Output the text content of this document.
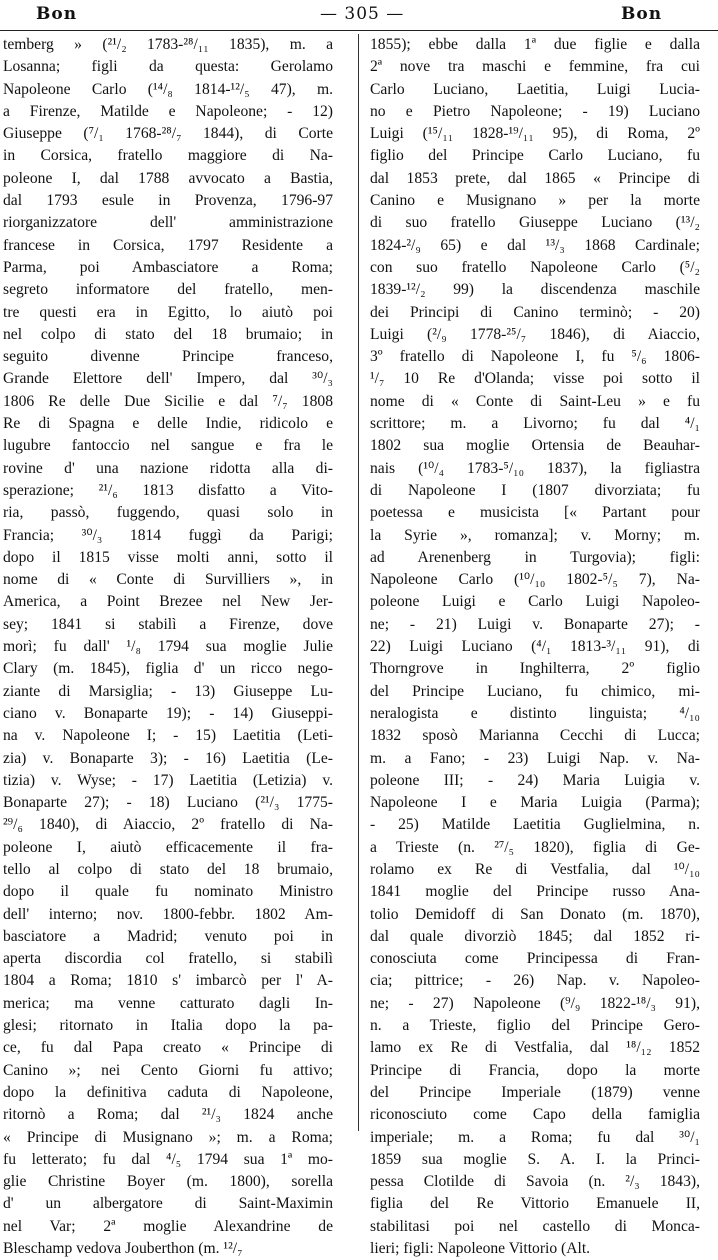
Bon	— 305 —	Bon
temberg » (²¹/₂ 1783-²⁸/₁₁ 1835), m. a
Losanna; figli da questa: Gerolamo
Napoleone Carlo (¹⁴/₈ 1814-¹²/₅ 47), m.
a Firenze, Matilde e Napoleone; - 12)
Giuseppe (⁷/₁ 1768-²⁸/₇ 1844), di Corte
in Corsica, fratello maggiore di Na-
poleone I, dal 1788 avvocato a Bastia,
dal 1793 esule in Provenza, 1796-97
riorganizzatore dell' amministrazione
francese in Corsica, 1797 Residente a
Parma, poi Ambasciatore a Roma;
segreto informatore del fratello, men-
tre questi era in Egitto, lo aiutò poi
nel colpo di stato del 18 brumaio; in
seguito divenne Principe franceso,
Grande Elettore dell' Impero, dal ³⁰/₃
1806 Re delle Due Sicilie e dal ⁷/₇ 1808
Re di Spagna e delle Indie, ridicolo e
lugubre fantoccio nel sangue e fra le
rovine d' una nazione ridotta alla di-
sperazione; ²¹/₆ 1813 disfatto a Vito-
ria, passò, fuggendo, quasi solo in
Francia; ³⁰/₃ 1814 fuggì da Parigi;
dopo il 1815 visse molti anni, sotto il
nome di « Conte di Survilliers », in
America, a Point Brezee nel New Jer-
sey; 1841 si stabilì a Firenze, dove
morì; fu dall' ¹/₈ 1794 sua moglie Julie
Clary (m. 1845), figlia d' un ricco nego-
ziante di Marsiglia; - 13) Giuseppe Lu-
ciano v. Bonaparte 19); - 14) Giuseppi-
na v. Napoleone I; - 15) Laetitia (Leti-
zia) v. Bonaparte 3); - 16) Laetitia (Le-
tizia) v. Wyse; - 17) Laetitia (Letizia) v.
Bonaparte 27); - 18) Luciano (²¹/₃ 1775-
²⁹/₆ 1840), di Aiaccio, 2º fratello di Na-
poleone I, aiutò efficacemente il fra-
tello al colpo di stato del 18 brumaio,
dopo il quale fu nominato Ministro
dell' interno; nov. 1800-febbr. 1802 Am-
basciatore a Madrid; venuto poi in
aperta discordia col fratello, si stabilì
1804 a Roma; 1810 s' imbarcò per l' A-
merica; ma venne catturato dagli In-
glesi; ritornato in Italia dopo la pa-
ce, fu dal Papa creato « Principe di
Canino »; nei Cento Giorni fu attivo;
dopo la definitiva caduta di Napoleone,
ritornò a Roma; dal ²¹/₃ 1824 anche
« Principe di Musignano »; m. a Roma;
fu letterato; fu dal ⁴/₅ 1794 sua 1ª mo-
glie Christine Boyer (m. 1800), sorella
d' un albergatore di Saint-Maximin
nel Var; 2ª moglie Alexandrine de
Bleschamp vedova Jouberthon (m. ¹²/₇
1855); ebbe dalla 1ª due figlie e dalla
2ª nove tra maschi e femmine, fra cui
Carlo Luciano, Laetitia, Luigi Lucia-
no e Pietro Napoleone; - 19) Luciano
Luigi (¹⁵/₁₁ 1828-¹⁹/₁₁ 95), di Roma, 2º
figlio del Principe Carlo Luciano, fu
dal 1853 prete, dal 1865 « Principe di
Canino e Musignano » per la morte
di suo fratello Giuseppe Luciano (¹³/₂
1824-²/₉ 65) e dal ¹³/₃ 1868 Cardinale;
con suo fratello Napoleone Carlo (⁵/₂
1839-¹²/₂ 99) la discendenza maschile
dei Principi di Canino terminò; - 20)
Luigi (²/₉ 1778-²⁵/₇ 1846), di Aiaccio,
3º fratello di Napoleone I, fu ⁵/₆ 1806-
¹/₇ 10 Re d'Olanda; visse poi sotto il
nome di « Conte di Saint-Leu » e fu
scrittore; m. a Livorno; fu dal ⁴/₁
1802 sua moglie Ortensia de Beauhar-
nais (¹⁰/₄ 1783-⁵/₁₀ 1837), la figliastra
di Napoleone I (1807 divorziata; fu
poetessa e musicista [« Partant pour
la Syrie », romanza]; v. Morny; m.
ad Arenenberg in Turgovia); figli:
Napoleone Carlo (¹⁰/₁₀ 1802-⁵/₅ 7), Na-
poleone Luigi e Carlo Luigi Napoleo-
ne; - 21) Luigi v. Bonaparte 27); -
22) Luigi Luciano (⁴/₁ 1813-³/₁₁ 91), di
Thorngrove in Inghilterra, 2º figlio
del Principe Luciano, fu chimico, mi-
neralogista e distinto linguista; ⁴/₁₀
1832 sposò Marianna Cecchi di Lucca;
m. a Fano; - 23) Luigi Nap. v. Na-
poleone III; - 24) Maria Luigia v.
Napoleone I e Maria Luigia (Parma);
- 25) Matilde Laetitia Guglielmina, n.
a Trieste (n. ²⁷/₅ 1820), figlia di Ge-
rolamo ex Re di Vestfalia, dal ¹⁰/₁₀
1841 moglie del Principe russo Ana-
tolio Demidoff di San Donato (m. 1870),
dal quale divorziò 1845; dal 1852 ri-
conosciuta come Principessa di Fran-
cia; pittrice; - 26) Nap. v. Napoleo-
ne; - 27) Napoleone (⁹/₉ 1822-¹⁸/₃ 91),
n. a Trieste, figlio del Principe Gero-
lamo ex Re di Vestfalia, dal ¹⁸/₁₂ 1852
Principe di Francia, dopo la morte
del Principe Imperiale (1879) venne
riconosciuto come Capo della famiglia
imperiale; m. a Roma; fu dal ³⁰/₁
1859 sua moglie S. A. I. la Princi-
pessa Clotilde di Savoia (n. ²/₃ 1843),
figlia del Re Vittorio Emanuele II,
stabilitasi poi nel castello di Monca-
lieri; figli: Napoleone Vittorio (Alt.
